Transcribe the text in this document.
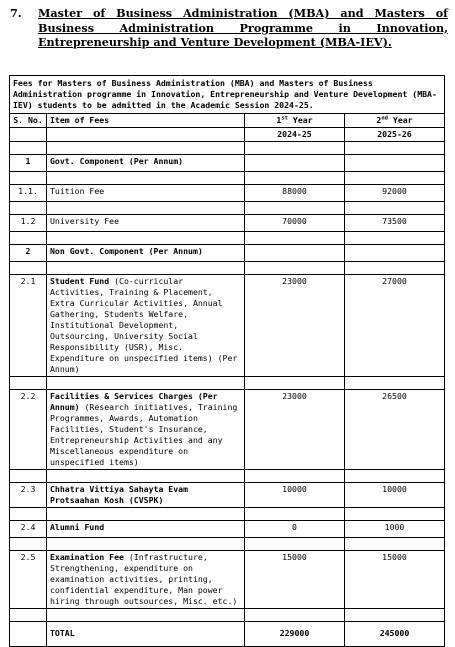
7. Master of Business Administration (MBA) and Masters of Business Administration Programme in Innovation, Entrepreneurship and Venture Development (MBA-IEV).
Fees for Masters of Business Administration (MBA) and Masters of Business Administration programme in Innovation, Entrepreneurship and Venture Development (MBA-IEV) students to be admitted in the Academic Session 2024-25.			
S. No.	Item of Fees	1st Year	2nd Year
		2024-25	2025-26

1	Govt. Component (Per Annum)		

1.1.	Tuition Fee	88000	92000

1.2	University Fee	70000	73500

2	Non Govt. Component (Per Annum)		

2.1	Student Fund (Co-curricular Activities, Training & Placement, Extra Curricular Activities, Annual Gathering, Students Welfare, Institutional Development, Outsourcing, University Social Responsibility (USR), Misc. Expenditure on unspecified items) (Per Annum)	23000	27000

2.2	Facilities & Services Charges (Per Annum) (Research initiatives, Training Programmes, Awards, Automation Facilities, Student's Insurance, Entrepreneurship Activities and any Miscellaneous expenditure on unspecified items)	23000	26500

2.3	Chhatra Vittiya Sahayta Evam Protsaahan Kosh (CVSPK)	10000	10000

2.4	Alumni Fund	0	1000

2.5	Examination Fee (Infrastructure, Strengthening, expenditure on examination activities, printing, confidential expenditure, Man power hiring through outsources, Misc. etc.)	15000	15000

	TOTAL	229000	245000
